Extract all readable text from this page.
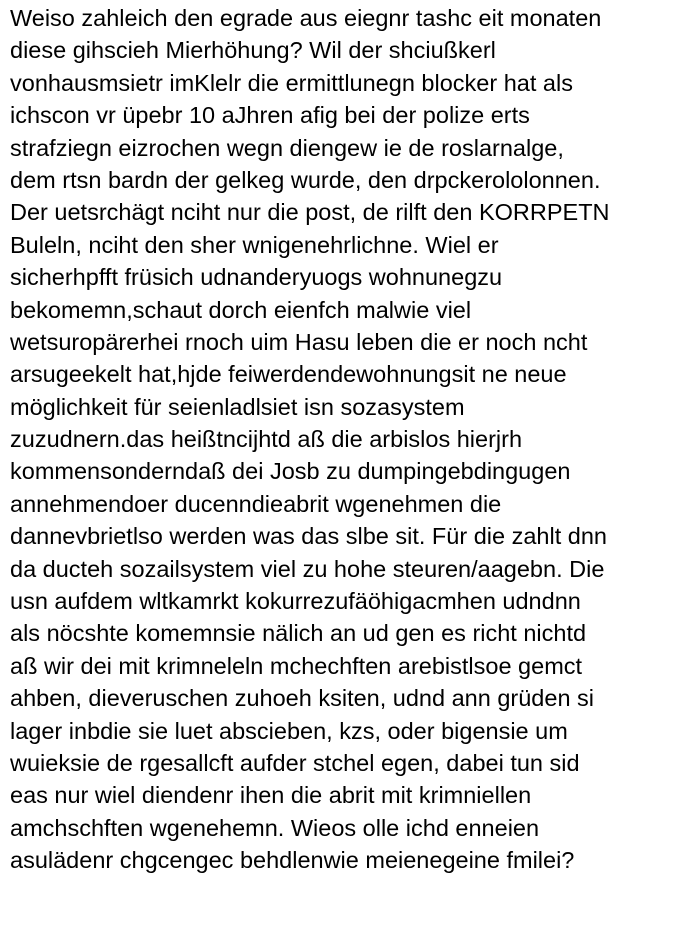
Weiso zahleich den egrade aus eiegnr tashc eit monaten
diese gihscieh Mierhöhung? Wil der shciußkerl
vonhausmsietr imKlelr die ermittlunegn blocker hat als
ichscon vr üpebr 10 aJhren afig bei der polize erts
strafziegn eizrochen wegn diengew ie de roslarnalge,
dem rtsn bardn der gelkeg wurde, den drpckerololonnen.
Der uetsrchägt nciht nur die post, de rilft den KORRPETN
Buleln, nciht den sher wnigenehrlichne. Wiel er
sicherhpfft früsich udnanderyuogs wohnunegzu
bekomemn,schaut dorch eienfch malwie viel
wetsuropärerhei rnoch uim Hasu leben die er noch ncht
arsugeekelt hat,hjde feiwerdendewohnungsit ne neue
möglichkeit für seienladlsiet isn sozasystem
zuzudnern.das heißtncijhtd aß die arbislos hierjrh
kommensonderndaß dei Josb zu dumpingebdingugen
annehmendoer ducenndieabrit wgenehmen die
dannevbrietlso werden was das slbe sit. Für die zahlt dnn
da ducteh sozailsystem viel zu hohe steuren/aagebn. Die
usn aufdem wltkamrkt kokurrezufäöhigacmhen udndnn
als nöcshte komemnsie nälich an ud gen es richt nichtd
aß wir dei mit krimneleln mchechften arebistlsoe gemct
ahben, dieveruschen zuhoeh ksiten, udnd ann grüden si
lager inbdie sie luet abscieben, kzs, oder bigensie um
wuieksie de rgesallcft aufder stchel egen, dabei tun sid
eas nur wiel diendenr ihen die abrit mit krimniellen
amchschften wgenehemn. Wieos olle ichd enneien
asulädenr chgcengec behdlenwie meienegeine fmilei?
